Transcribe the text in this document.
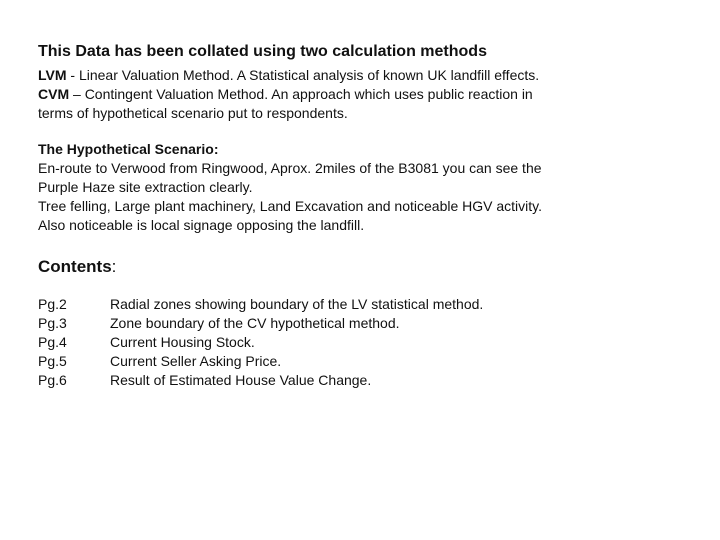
This Data has been collated using two calculation methods

LVM - Linear Valuation Method. A Statistical analysis of known UK landfill effects.

CVM – Contingent Valuation Method. An approach which uses public reaction in

terms of hypothetical scenario put to respondents.

The Hypothetical Scenario:

En-route to Verwood from Ringwood, Aprox. 2miles of the B3081 you can see the

Purple Haze site extraction clearly.

Tree felling, Large plant machinery, Land Excavation and noticeable HGV activity.

Also noticeable is local signage opposing the landfill.

Contents:
Pg.2	Radial zones showing boundary of the LV statistical method.
Pg.3	Zone boundary of the CV hypothetical method.
Pg.4	Current Housing Stock.
Pg.5	Current Seller Asking Price.
Pg.6	Result of Estimated House Value Change.
